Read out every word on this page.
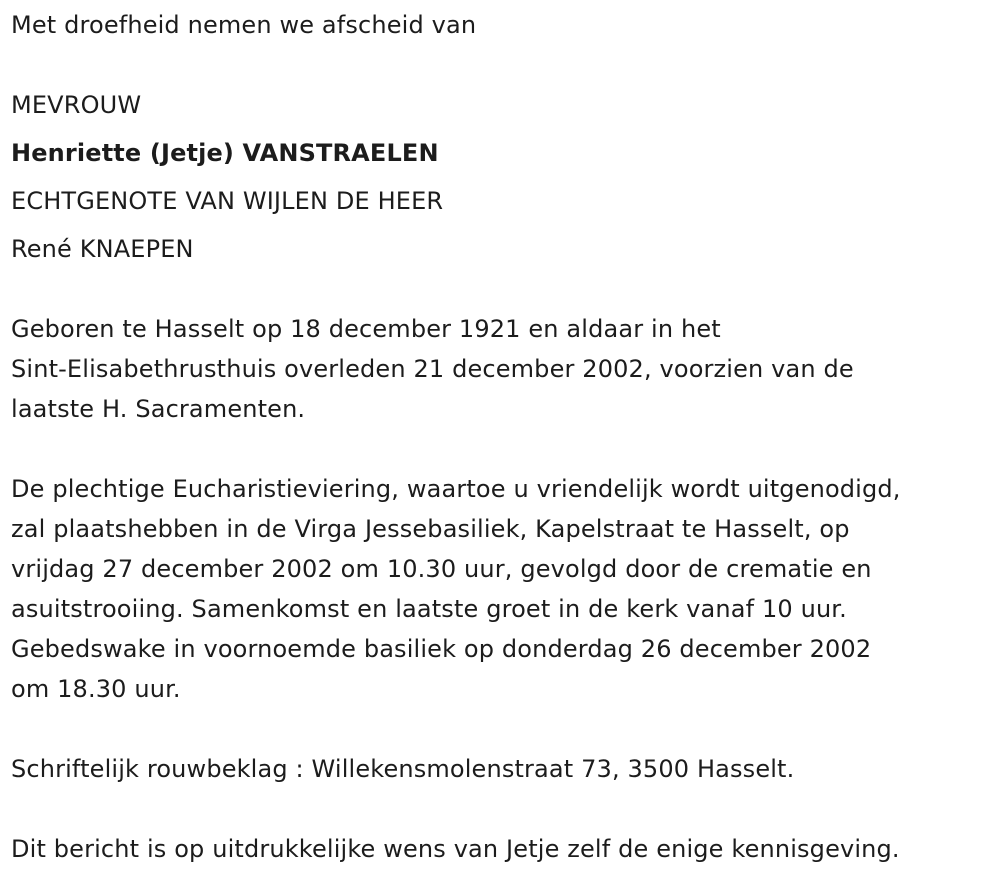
Met droefheid nemen we afscheid van
MEVROUW
Henriette (Jetje) VANSTRAELEN
ECHTGENOTE VAN WIJLEN DE HEER
René KNAEPEN
Geboren te Hasselt op 18 december 1921 en aldaar in het
Sint-Elisabethrusthuis overleden 21 december 2002, voorzien van de
laatste H. Sacramenten.
De plechtige Eucharistieviering, waartoe u vriendelijk wordt uitgenodigd,
zal plaatshebben in de Virga Jessebasiliek, Kapelstraat te Hasselt, op
vrijdag 27 december 2002 om 10.30 uur, gevolgd door de crematie en
asuitstrooiing. Samenkomst en laatste groet in de kerk vanaf 10 uur.
Gebedswake in voornoemde basiliek op donderdag 26 december 2002
om 18.30 uur.
Schriftelijk rouwbeklag : Willekensmolenstraat 73, 3500 Hasselt.
Dit bericht is op uitdrukkelijke wens van Jetje zelf de enige kennisgeving.
